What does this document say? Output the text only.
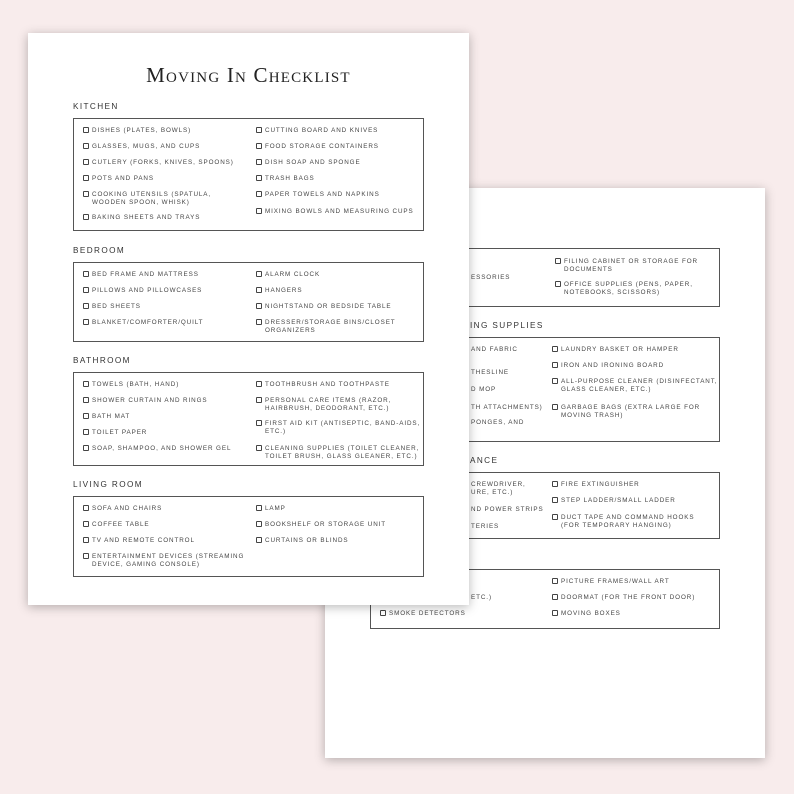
ING SUPPLIES
ANCE
ESSORIES
AND FABRIC
THESLINE
D MOP
TH ATTACHMENTS)
PONGES, AND
CREWDRIVER,
URE, ETC.)
ND POWER STRIPS
TERIES
ETC.)
FILING CABINET OR STORAGE FOR
DOCUMENTS
OFFICE SUPPLIES (PENS, PAPER,
NOTEBOOKS, SCISSORS)
LAUNDRY BASKET OR HAMPER
IRON AND IRONING BOARD
ALL-PURPOSE CLEANER (DISINFECTANT,
GLASS CLEANER, ETC.)
GARBAGE BAGS (EXTRA LARGE FOR
MOVING TRASH)
FIRE EXTINGUISHER
STEP LADDER/SMALL LADDER
DUCT TAPE AND COMMAND HOOKS
(FOR TEMPORARY HANGING)
SMOKE DETECTORS
PICTURE FRAMES/WALL ART
DOORMAT (FOR THE FRONT DOOR)
MOVING BOXES
Moving In Checklist
KITCHEN
DISHES (PLATES, BOWLS)
GLASSES, MUGS, AND CUPS
CUTLERY (FORKS, KNIVES, SPOONS)
POTS AND PANS
COOKING UTENSILS (SPATULA,
WOODEN SPOON, WHISK)
BAKING SHEETS AND TRAYS
CUTTING BOARD AND KNIVES
FOOD STORAGE CONTAINERS
DISH SOAP AND SPONGE
TRASH BAGS
PAPER TOWELS AND NAPKINS
MIXING BOWLS AND MEASURING CUPS
BEDROOM
BED FRAME AND MATTRESS
PILLOWS AND PILLOWCASES
BED SHEETS
BLANKET/COMFORTER/QUILT
ALARM CLOCK
HANGERS
NIGHTSTAND OR BEDSIDE TABLE
DRESSER/STORAGE BINS/CLOSET
ORGANIZERS
BATHROOM
TOWELS (BATH, HAND)
SHOWER CURTAIN AND RINGS
BATH MAT
TOILET PAPER
SOAP, SHAMPOO, AND SHOWER GEL
TOOTHBRUSH AND TOOTHPASTE
PERSONAL CARE ITEMS (RAZOR,
HAIRBRUSH, DEODORANT, ETC.)
FIRST AID KIT (ANTISEPTIC, BAND-AIDS,
ETC.)
CLEANING SUPPLIES (TOILET CLEANER,
TOILET BRUSH, GLASS GLEANER, ETC.)
LIVING ROOM
SOFA AND CHAIRS
COFFEE TABLE
TV AND REMOTE CONTROL
ENTERTAINMENT DEVICES (STREAMING
DEVICE, GAMING CONSOLE)
LAMP
BOOKSHELF OR STORAGE UNIT
CURTAINS OR BLINDS
